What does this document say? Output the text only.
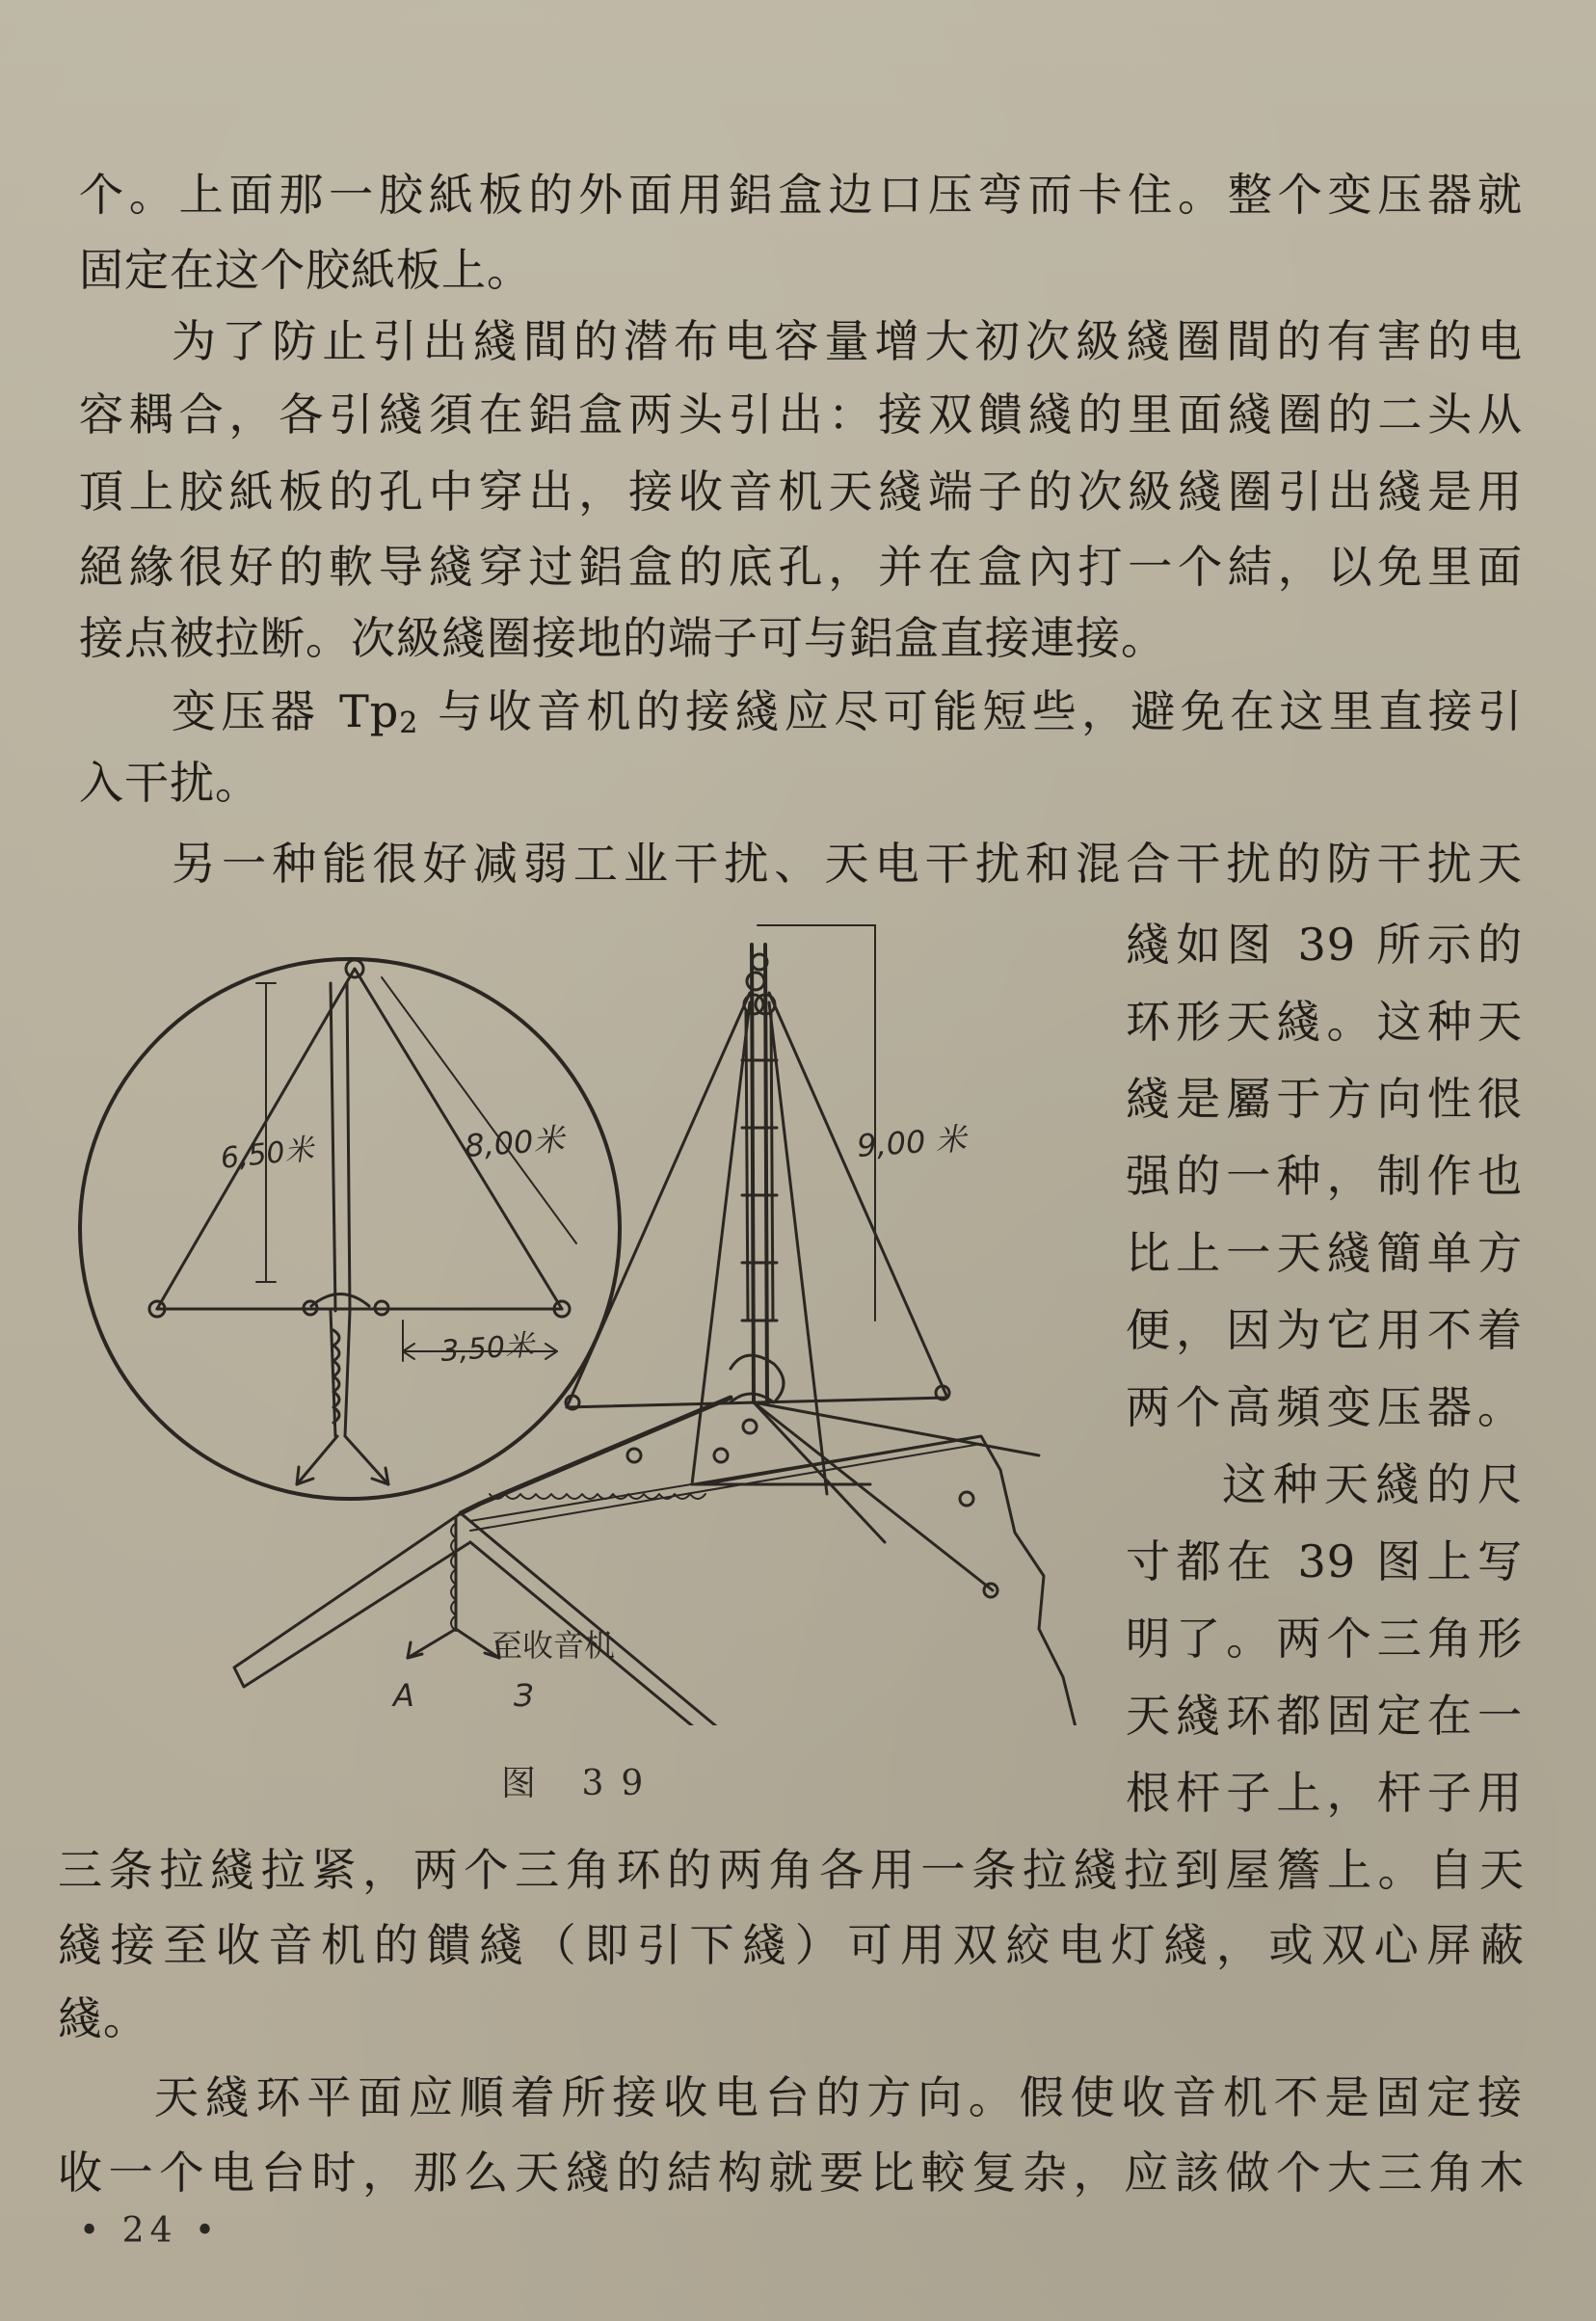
个。上面那一胶紙板的外面用鋁盒边口压弯而卡住。整个变压器就
固定在这个胶紙板上。
为了防止引出綫間的潜布电容量增大初次級綫圈間的有害的电
容耦合，各引綫須在鋁盒两头引出：接双饋綫的里面綫圈的二头从
頂上胶紙板的孔中穿出，接收音机天綫端子的次級綫圈引出綫是用
絕緣很好的軟导綫穿过鋁盒的底孔，并在盒內打一个結，以免里面
接点被拉断。次級綫圈接地的端子可与鋁盒直接連接。
变压器 $Tp_2$ 与收音机的接綫应尽可能短些，避免在这里直接引
入干扰。
另一种能很好减弱工业干扰、天电干扰和混合干扰的防干扰天
綫如图 39 所示的
环形天綫。这种天
綫是屬于方向性很
强的一种，制作也
比上一天綫簡单方
便，因为它用不着
两个高頻变压器。
这种天綫的尺
寸都在 39 图上写
明了。两个三角形
天綫环都固定在一
根杆子上，杆子用
三条拉綫拉紧，两个三角环的两角各用一条拉綫拉到屋簷上。自天
綫接至收音机的饋綫（即引下綫）可用双絞电灯綫，或双心屏蔽
綫。
天綫环平面应順着所接收电台的方向。假使收音机不是固定接
收一个电台时，那么天綫的結构就要比較复杂，应該做个大三角木
6,50米	8,00米
3,50米
9,00 米
至收音机
A	З
图 39
• 24 •
